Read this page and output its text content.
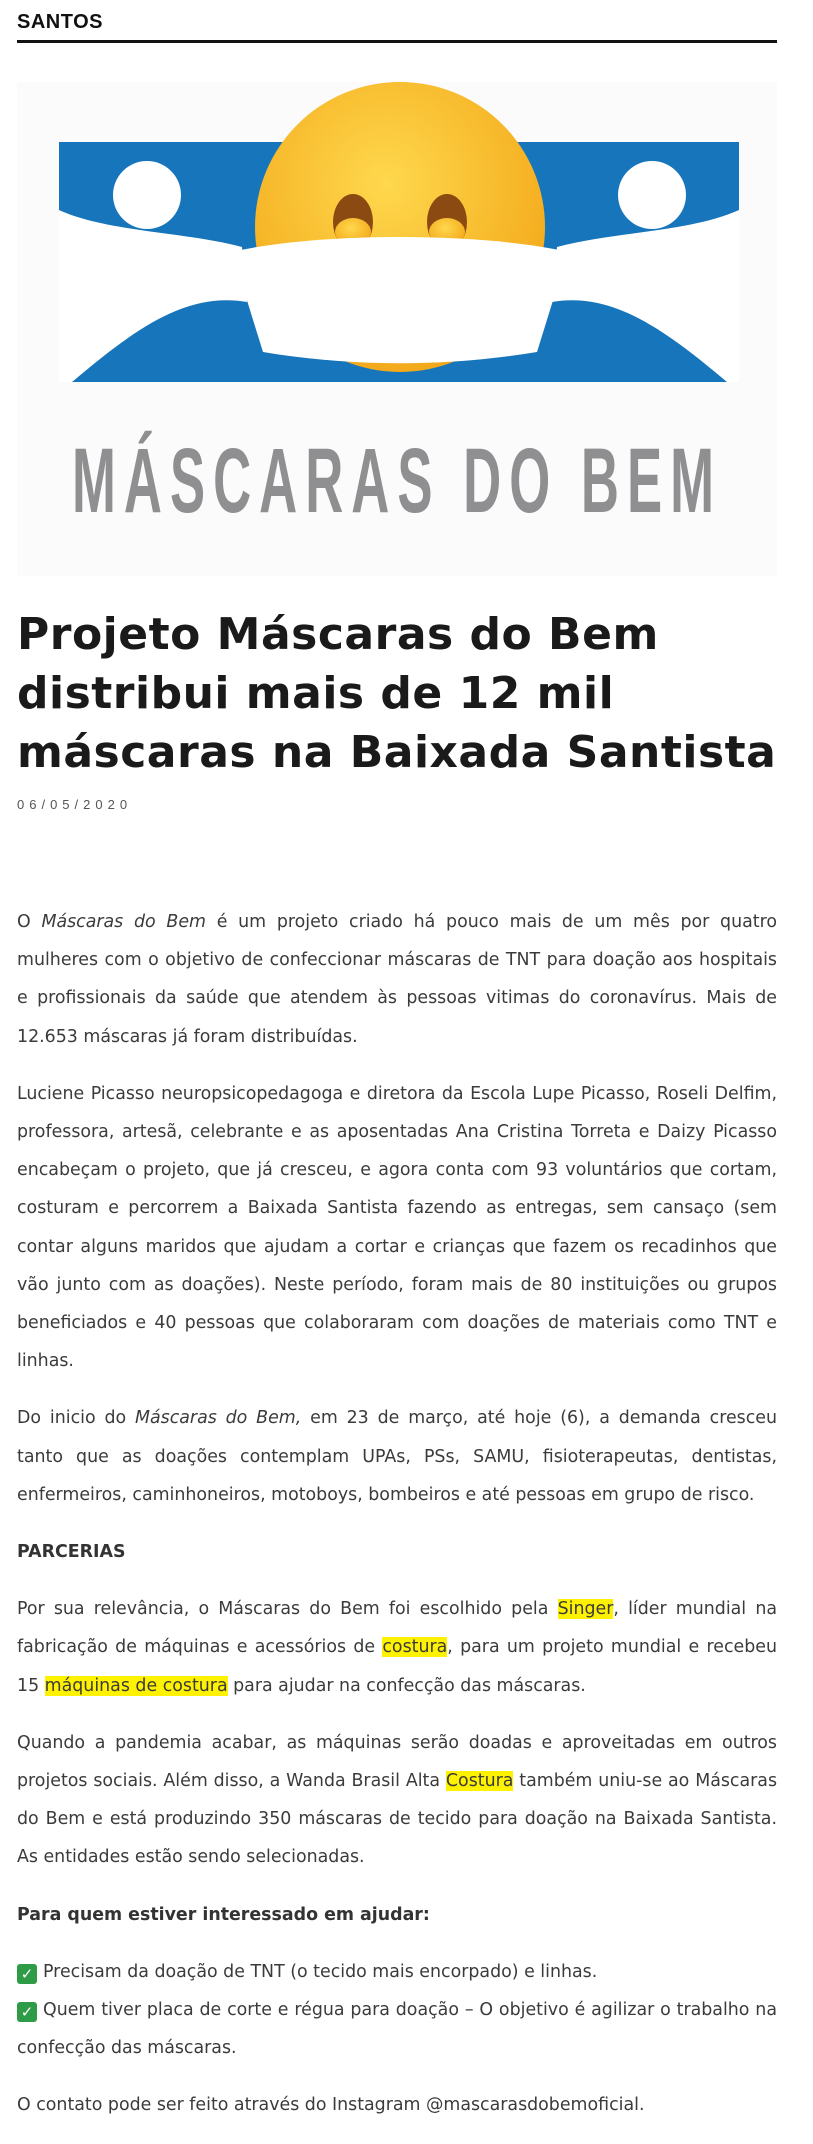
SANTOS
MÁSCARAS DO BEM
Projeto Máscaras do Bem distribui mais de 12 mil máscaras na Baixada Santista
06/05/2020

O Máscaras do Bem é um projeto criado há pouco mais de um mês por quatro mulheres com o objetivo de confeccionar máscaras de TNT para doação aos hospitais e profissionais da saúde que atendem às pessoas vitimas do coronavírus. Mais de 12.653 máscaras já foram distribuídas.

Luciene Picasso neuropsicopedagoga e diretora da Escola Lupe Picasso, Roseli Delfim, professora, artesã, celebrante e as aposentadas Ana Cristina Torreta e Daizy Picasso encabeçam o projeto, que já cresceu, e agora conta com 93 voluntários que cortam, costuram e percorrem a Baixada Santista fazendo as entregas, sem cansaço (sem contar alguns maridos que ajudam a cortar e crianças que fazem os recadinhos que vão junto com as doações). Neste período, foram mais de 80 instituições ou grupos beneficiados e 40 pessoas que colaboraram com doações de materiais como TNT e linhas.

Do inicio do Máscaras do Bem, em 23 de março, até hoje (6), a demanda cresceu tanto que as doações contemplam UPAs, PSs, SAMU, fisioterapeutas, dentistas, enfermeiros, caminhoneiros, motoboys, bombeiros e até pessoas em grupo de risco.

PARCERIAS

Por sua relevância, o Máscaras do Bem foi escolhido pela Singer, líder mundial na fabricação de máquinas e acessórios de costura, para um projeto mundial e recebeu 15 máquinas de costura para ajudar na confecção das máscaras.

Quando a pandemia acabar, as máquinas serão doadas e aproveitadas em outros projetos sociais. Além disso, a Wanda Brasil Alta Costura também uniu-se ao Máscaras do Bem e está produzindo 350 máscaras de tecido para doação na Baixada Santista. As entidades estão sendo selecionadas.

Para quem estiver interessado em ajudar:

✓ Precisam da doação de TNT (o tecido mais encorpado) e linhas.

✓ Quem tiver placa de corte e régua para doação – O objetivo é agilizar o trabalho na confecção das máscaras.

O contato pode ser feito através do Instagram @mascarasdobemoficial.
